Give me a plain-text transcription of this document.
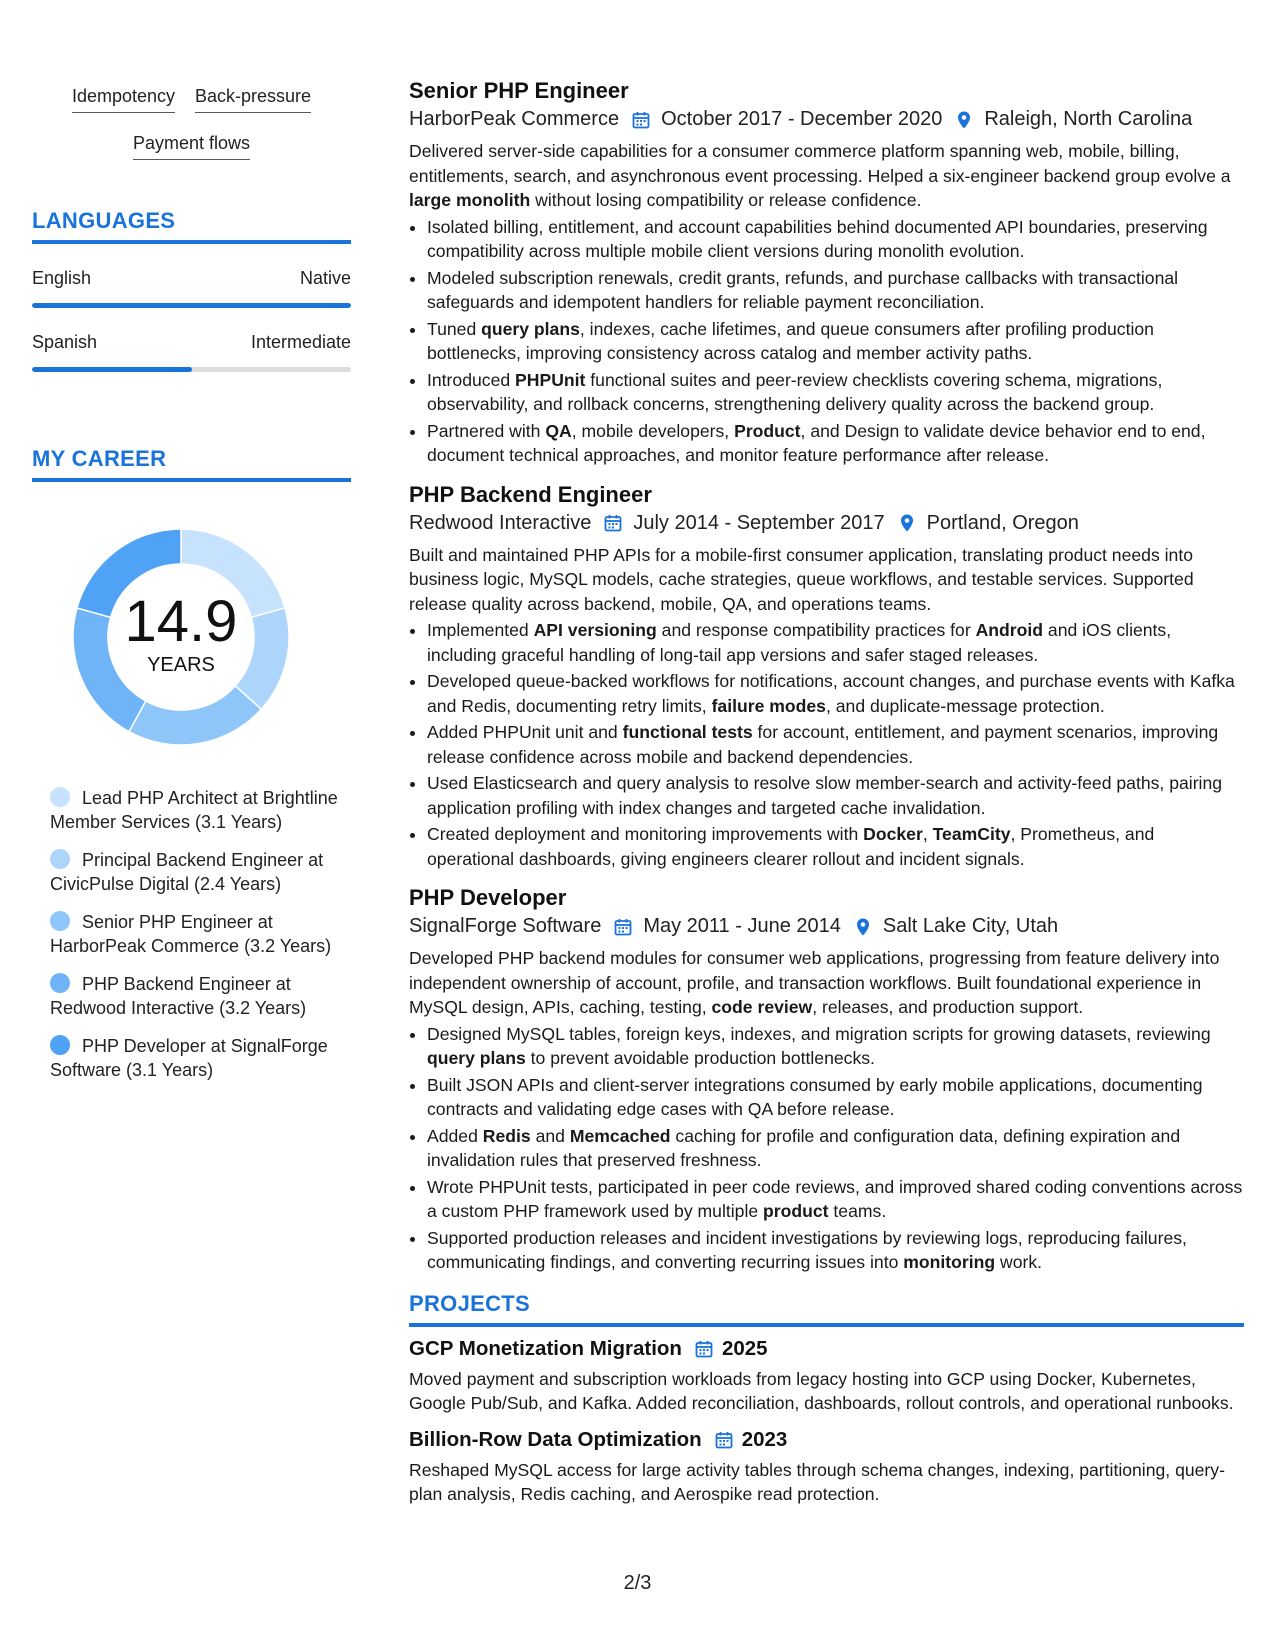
Idempotency Back-pressure
Payment flows
LANGUAGES
English	Native
Spanish	Intermediate
MY CAREER
14.9
YEARS
Lead PHP Architect at Brightline Member Services (3.1 Years)
Principal Backend Engineer at CivicPulse Digital (2.4 Years)
Senior PHP Engineer at HarborPeak Commerce (3.2 Years)
PHP Backend Engineer at Redwood Interactive (3.2 Years)
PHP Developer at SignalForge Software (3.1 Years)
Senior PHP Engineer
HarborPeak Commerce October 2017 - December 2020 Raleigh, North Carolina

Delivered server-side capabilities for a consumer commerce platform spanning web, mobile, billing, entitlements, search, and asynchronous event processing. Helped a six-engineer backend group evolve a large monolith without losing compatibility or release confidence.

• Isolated billing, entitlement, and account capabilities behind documented API boundaries, preserving compatibility across multiple mobile client versions during monolith evolution.
• Modeled subscription renewals, credit grants, refunds, and purchase callbacks with transactional safeguards and idempotent handlers for reliable payment reconciliation.
• Tuned query plans, indexes, cache lifetimes, and queue consumers after profiling production bottlenecks, improving consistency across catalog and member activity paths.
• Introduced PHPUnit functional suites and peer-review checklists covering schema, migrations, observability, and rollback concerns, strengthening delivery quality across the backend group.
• Partnered with QA, mobile developers, Product, and Design to validate device behavior end to end, document technical approaches, and monitor feature performance after release.
PHP Backend Engineer
Redwood Interactive July 2014 - September 2017 Portland, Oregon

Built and maintained PHP APIs for a mobile-first consumer application, translating product needs into business logic, MySQL models, cache strategies, queue workflows, and testable services. Supported release quality across backend, mobile, QA, and operations teams.

• Implemented API versioning and response compatibility practices for Android and iOS clients, including graceful handling of long-tail app versions and safer staged releases.
• Developed queue-backed workflows for notifications, account changes, and purchase events with Kafka and Redis, documenting retry limits, failure modes, and duplicate-message protection.
• Added PHPUnit unit and functional tests for account, entitlement, and payment scenarios, improving release confidence across mobile and backend dependencies.
• Used Elasticsearch and query analysis to resolve slow member-search and activity-feed paths, pairing application profiling with index changes and targeted cache invalidation.
• Created deployment and monitoring improvements with Docker, TeamCity, Prometheus, and operational dashboards, giving engineers clearer rollout and incident signals.
PHP Developer
SignalForge Software May 2011 - June 2014 Salt Lake City, Utah

Developed PHP backend modules for consumer web applications, progressing from feature delivery into independent ownership of account, profile, and transaction workflows. Built foundational experience in MySQL design, APIs, caching, testing, code review, releases, and production support.

• Designed MySQL tables, foreign keys, indexes, and migration scripts for growing datasets, reviewing query plans to prevent avoidable production bottlenecks.
• Built JSON APIs and client-server integrations consumed by early mobile applications, documenting contracts and validating edge cases with QA before release.
• Added Redis and Memcached caching for profile and configuration data, defining expiration and invalidation rules that preserved freshness.
• Wrote PHPUnit tests, participated in peer code reviews, and improved shared coding conventions across a custom PHP framework used by multiple product teams.
• Supported production releases and incident investigations by reviewing logs, reproducing failures, communicating findings, and converting recurring issues into monitoring work.
PROJECTS
GCP Monetization Migration 2025

Moved payment and subscription workloads from legacy hosting into GCP using Docker, Kubernetes, Google Pub/Sub, and Kafka. Added reconciliation, dashboards, rollout controls, and operational runbooks.

Billion-Row Data Optimization 2023

Reshaped MySQL access for large activity tables through schema changes, indexing, partitioning, query-plan analysis, Redis caching, and Aerospike read protection.

2/3
